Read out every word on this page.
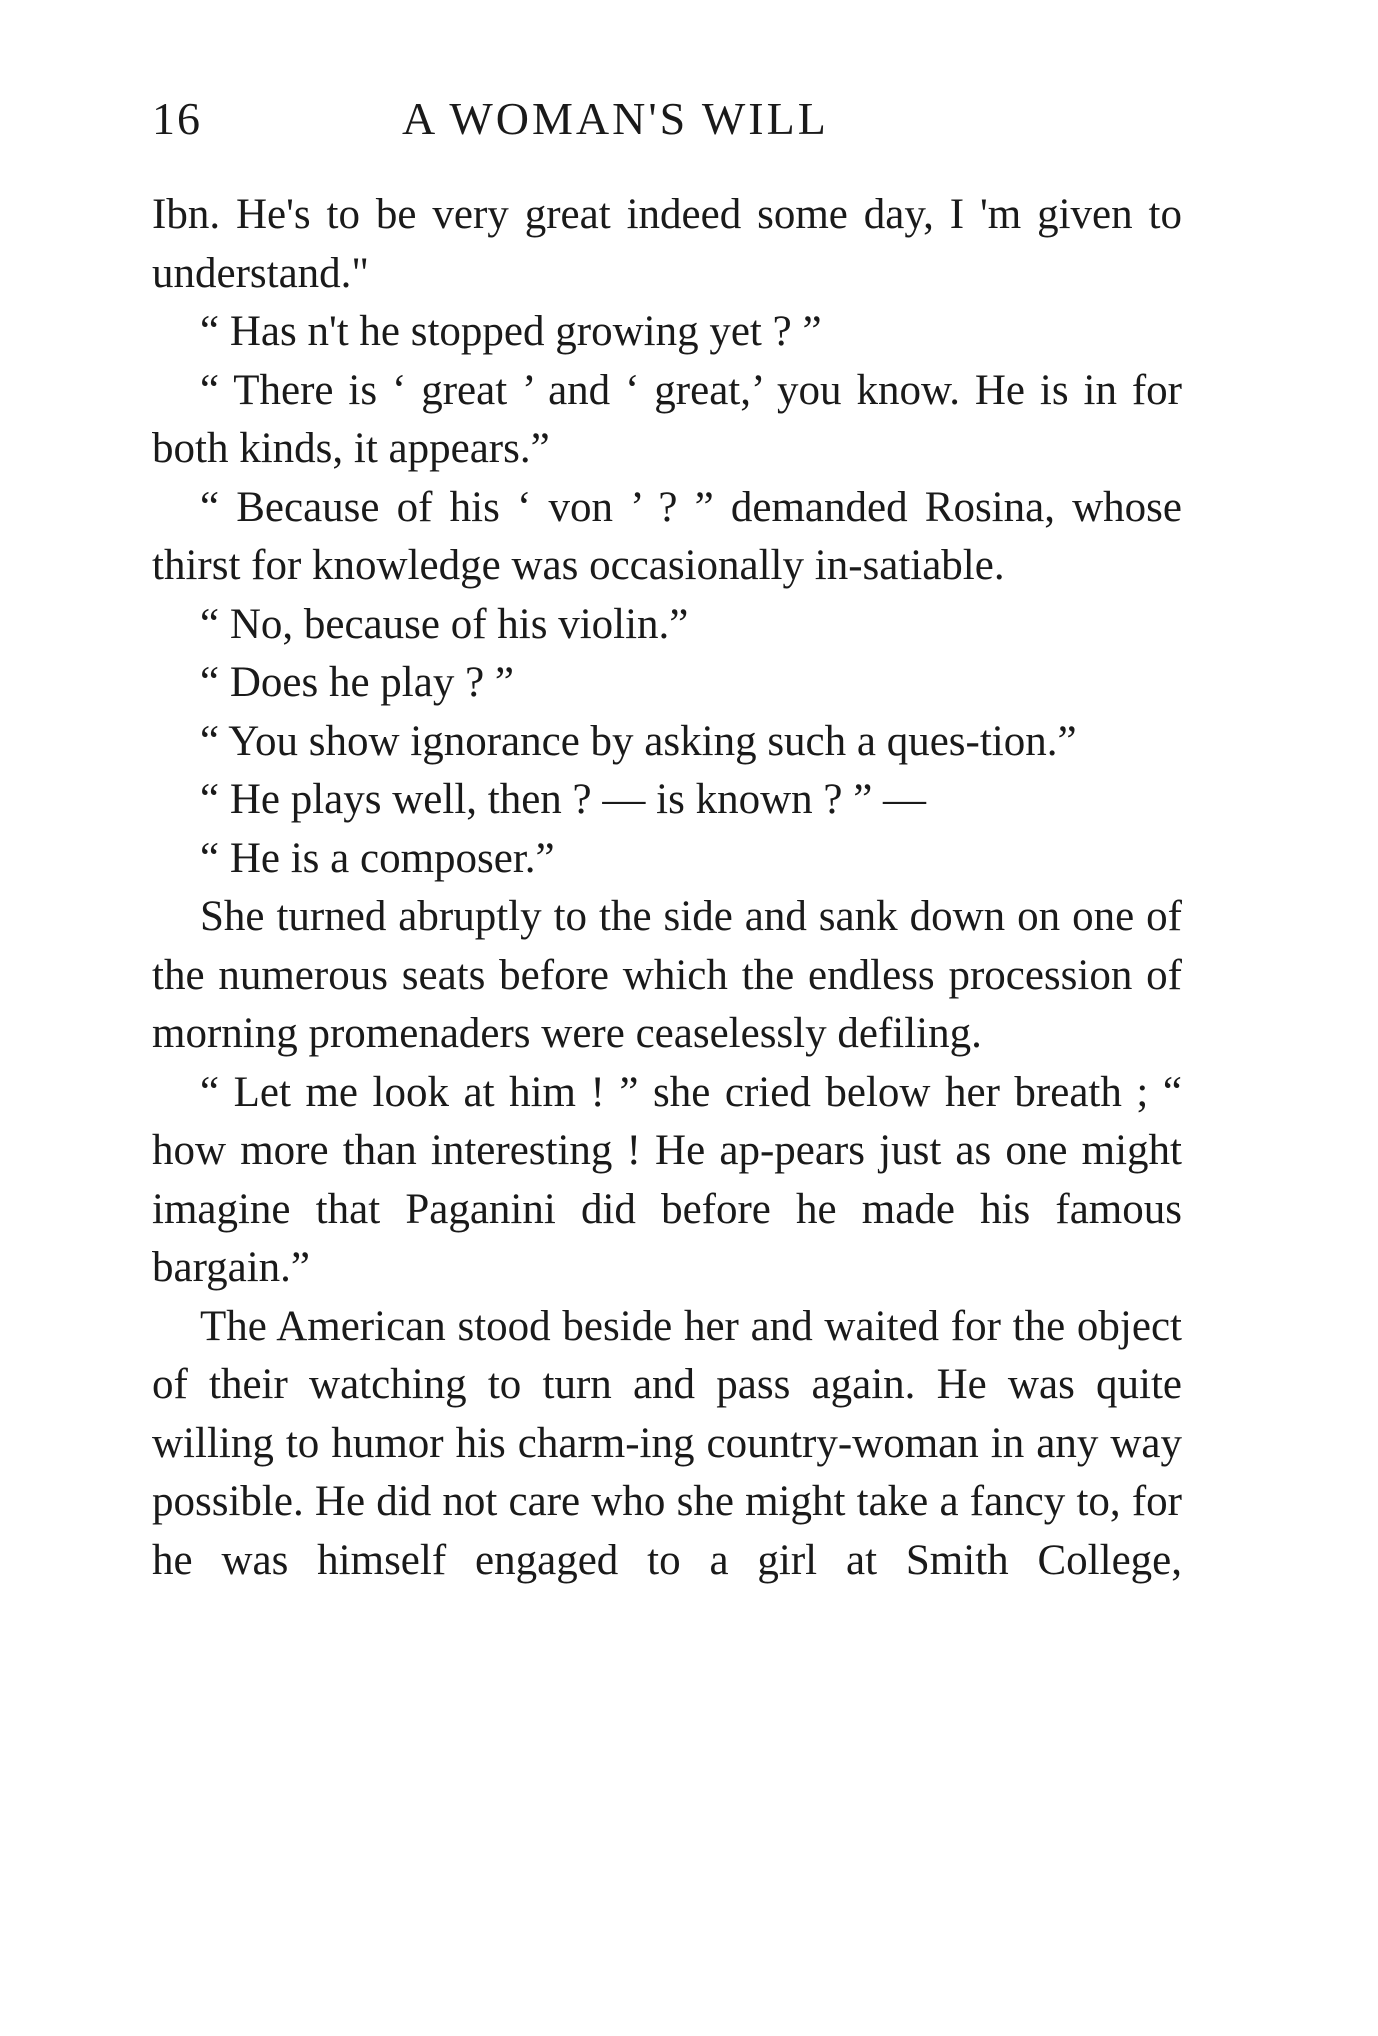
16	A WOMAN'S WILL

Ibn. He's to be very great indeed some day, I 'm given to understand."

“ Has n't he stopped growing yet ? ”

“ There is ‘ great ’ and ‘ great,’ you know. He is in for both kinds, it appears.”

“ Because of his ‘ von ’ ? ” demanded Rosina, whose thirst for knowledge was occasionally in-satiable.

“ No, because of his violin.”

“ Does he play ? ”

“ You show ignorance by asking such a ques-tion.”

“ He plays well, then ? — is known ? ” —

“ He is a composer.”

She turned abruptly to the side and sank down on one of the numerous seats before which the endless procession of morning promenaders were ceaselessly defiling.

“ Let me look at him ! ” she cried below her breath ; “ how more than interesting ! He ap-pears just as one might imagine that Paganini did before he made his famous bargain.”

The American stood beside her and waited for the object of their watching to turn and pass again. He was quite willing to humor his charm-ing country-woman in any way possible. He did not care who she might take a fancy to, for he was himself engaged to a girl at Smith College,
